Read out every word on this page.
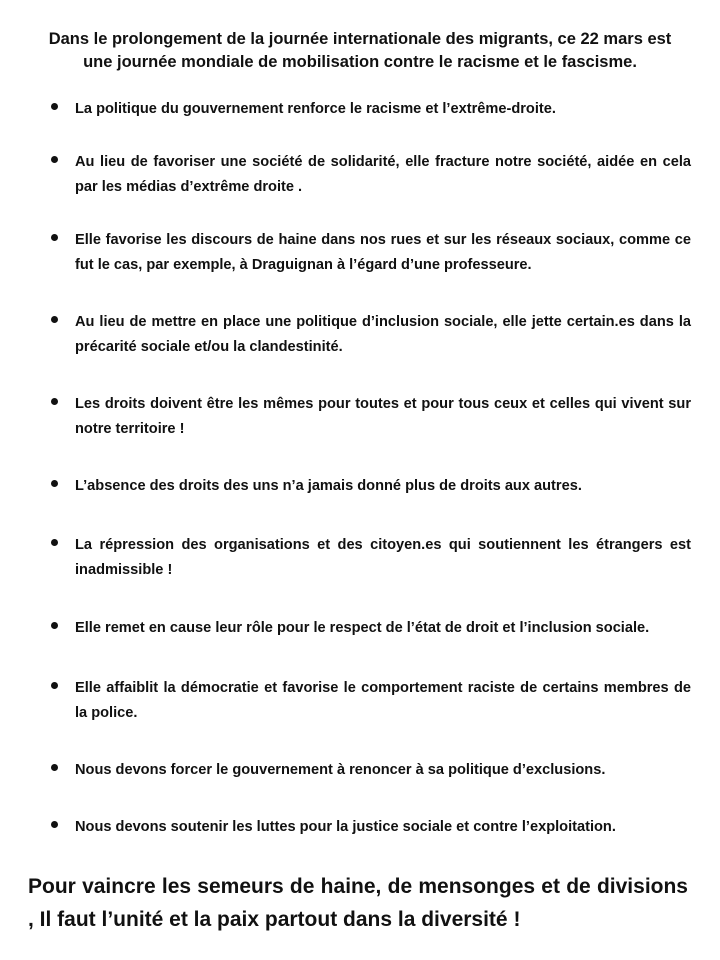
Dans le prolongement de la journée internationale des migrants, ce 22 mars est
une journée mondiale de mobilisation contre le racisme et le fascisme.

La politique du gouvernement renforce le racisme et l’extrême-droite.

Au lieu de favoriser une société de solidarité, elle fracture notre société, aidée en cela par les médias d’extrême droite .

Elle favorise les discours de haine dans nos rues et sur les réseaux sociaux, comme ce fut le cas, par exemple, à Draguignan à l’égard d’une professeure.

Au lieu de mettre en place une politique d’inclusion sociale, elle jette certain.es dans la précarité sociale et/ou la clandestinité.

Les droits doivent être les mêmes pour toutes et pour tous ceux et celles qui vivent sur notre territoire !

L’absence des droits des uns n’a jamais donné plus de droits aux autres.

La répression des organisations et des citoyen.es qui soutiennent les étrangers est inadmissible !

Elle remet en cause leur rôle pour le respect de l’état de droit et l’inclusion sociale.

Elle affaiblit la démocratie et favorise le comportement raciste de certains membres de la police.

Nous devons forcer le gouvernement à renoncer à sa politique d’exclusions.

Nous devons soutenir les luttes pour la justice sociale et contre l’exploitation.

Pour vaincre les semeurs de haine, de mensonges et de divisions , Il faut l’unité et la paix partout dans la diversité !
